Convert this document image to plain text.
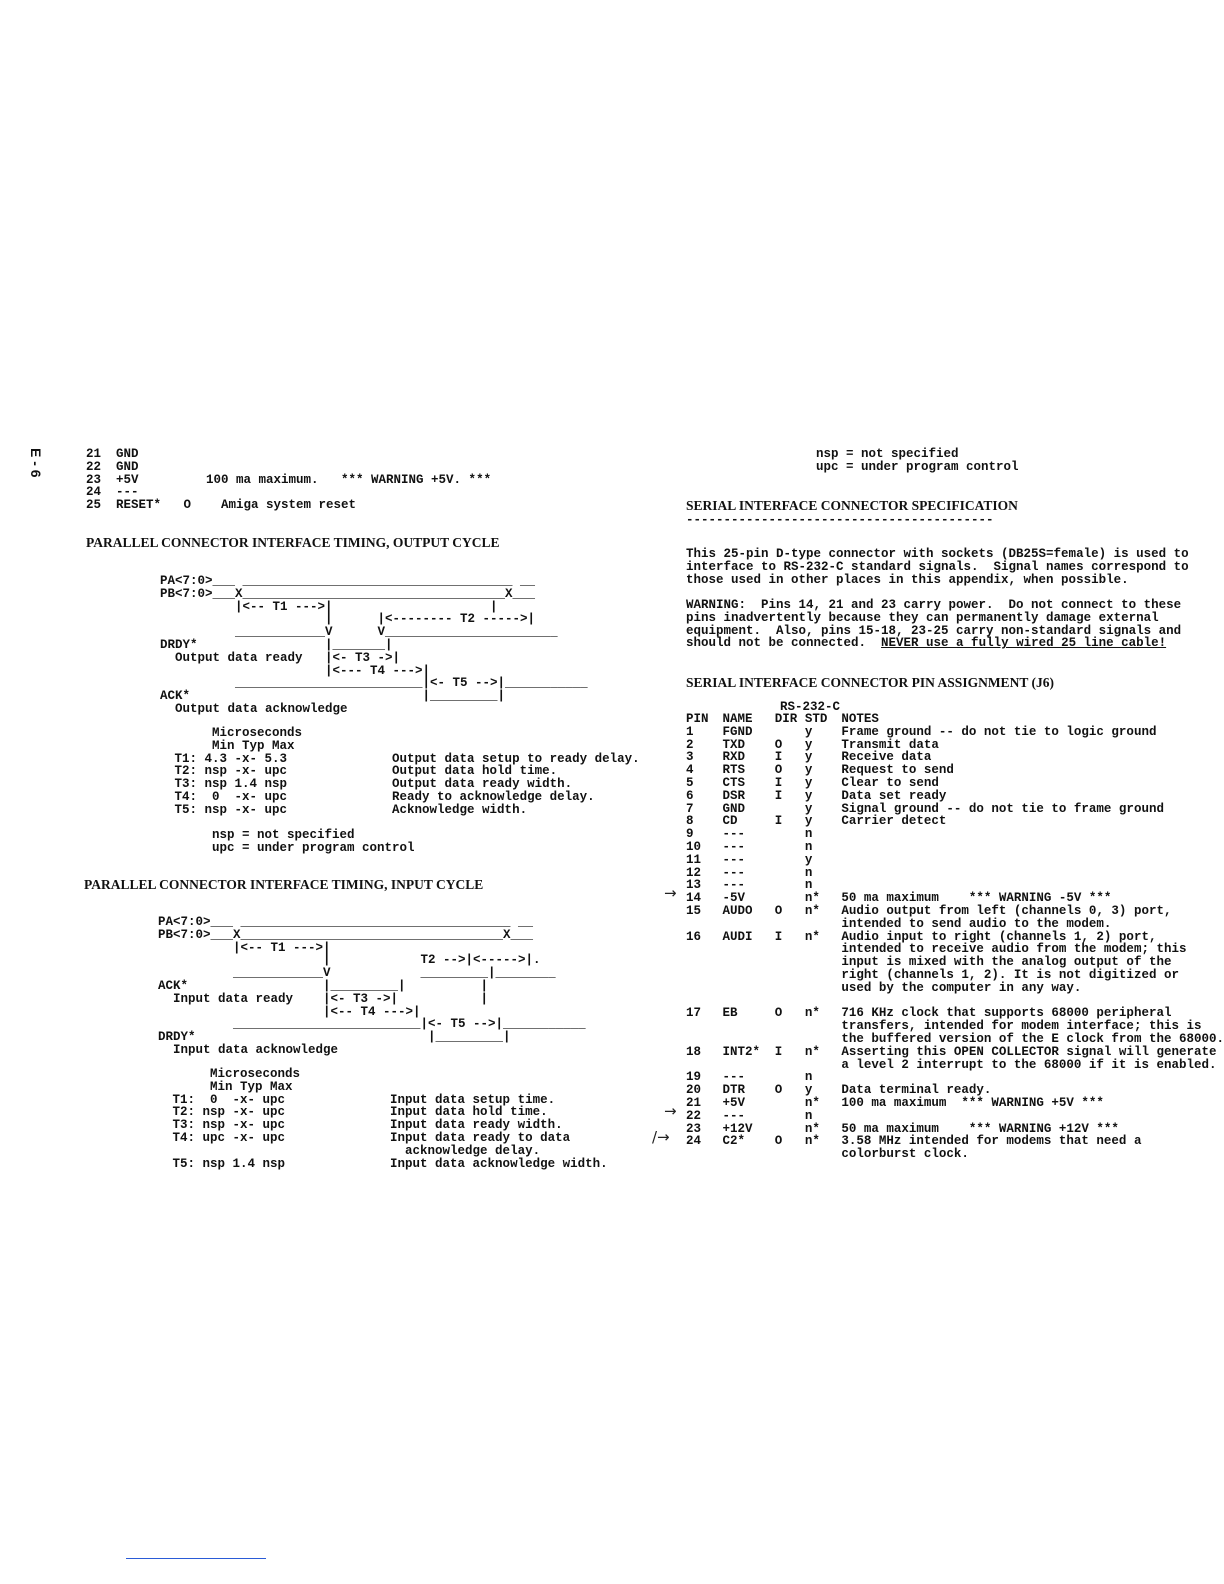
E - 6	21  GND
22  GND
23  +5V         100 ma maximum.   *** WARNING +5V. ***
24  ---
25  RESET*   O    Amiga system reset
PARALLEL CONNECTOR INTERFACE TIMING, OUTPUT CYCLE
PA<7:0>___ ____________________________________ __
PB<7:0>___X___________________________________X___
|<-- T1 --->|                     |
|      |<-------- T2 ----->|
____________V      V_______________________
DRDY*                 |_______|
Output data ready   |<- T3 ->|
|<--- T4 --->|
_________________________|<- T5 -->|___________
ACK*                               |_________|
Output data acknowledge
Microseconds
Min Typ Max
T1: 4.3 -x- 5.3              Output data setup to ready delay.
T2: nsp -x- upc              Output data hold time.
T3: nsp 1.4 nsp              Output data ready width.
T4:  0  -x- upc              Ready to acknowledge delay.
T5: nsp -x- upc              Acknowledge width.

nsp = not specified
upc = under program control
PARALLEL CONNECTOR INTERFACE TIMING, INPUT CYCLE
PA<7:0>___ ____________________________________ __
PB<7:0>___X___________________________________X___
|<-- T1 --->|
|            T2 -->|<----->|.
____________V            _________|________
ACK*                  |_________|          |
Input data ready    |<- T3 ->|           |
|<-- T4 --->|
_________________________|<- T5 -->|___________
DRDY*                               |_________|
Input data acknowledge
Microseconds
Min Typ Max
T1:  0  -x- upc              Input data setup time.
T2: nsp -x- upc              Input data hold time.
T3: nsp -x- upc              Input data ready width.
T4: upc -x- upc              Input data ready to data
acknowledge delay.
T5: nsp 1.4 nsp              Input data acknowledge width.
nsp = not specified
upc = under program control
SERIAL INTERFACE CONNECTOR SPECIFICATION
-----------------------------------------
This 25-pin D-type connector with sockets (DB25S=female) is used to
interface to RS-232-C standard signals.  Signal names correspond to
those used in other places in this appendix, when possible.
WARNING:  Pins 14, 21 and 23 carry power.  Do not connect to these
pins inadvertently because they can permanently damage external
equipment.  Also, pins 15-18, 23-25 carry non-standard signals and
should not be connected.  NEVER use a fully wired 25 line cable!
SERIAL INTERFACE CONNECTOR PIN ASSIGNMENT (J6)
RS-232-C
PIN	NAME	DIR	STD	NOTES
1	FGND		y	Frame ground -- do not tie to logic ground
2	TXD	O	y	Transmit data
3	RXD	I	y	Receive data
4	RTS	O	y	Request to send
5	CTS	I	y	Clear to send
6	DSR	I	y	Data set ready
7	GND		y	Signal ground -- do not tie to frame ground
8	CD	I	y	Carrier detect
9	---		n	
10	---		n	
11	---		y	
12	---		n	
13	---		n	
14	-5V		n*	50 ma maximum    *** WARNING -5V ***
15	AUDO	O	n*	Audio output from left (channels 0, 3) port,
intended to send audio to the modem.
16	AUDI	I	n*	Audio input to right (channels 1, 2) port,
intended to receive audio from the modem; this
input is mixed with the analog output of the
right (channels 1, 2). It is not digitized or
used by the computer in any way.

17	EB	O	n*	716 KHz clock that supports 68000 peripheral
transfers, intended for modem interface; this is
the buffered version of the E clock from the 68000.
18	INT2*	I	n*	Asserting this OPEN COLLECTOR signal will generate
a level 2 interrupt to the 68000 if it is enabled.
19	---		n	
20	DTR	O	y	Data terminal ready.
21	+5V		n*	100 ma maximum  *** WARNING +5V ***
22	---		n	
23	+12V		n*	50 ma maximum    *** WARNING +12V ***
24	C2*	O	n*	3.58 MHz intended for modems that need a
colorburst clock.
→
→
/→
